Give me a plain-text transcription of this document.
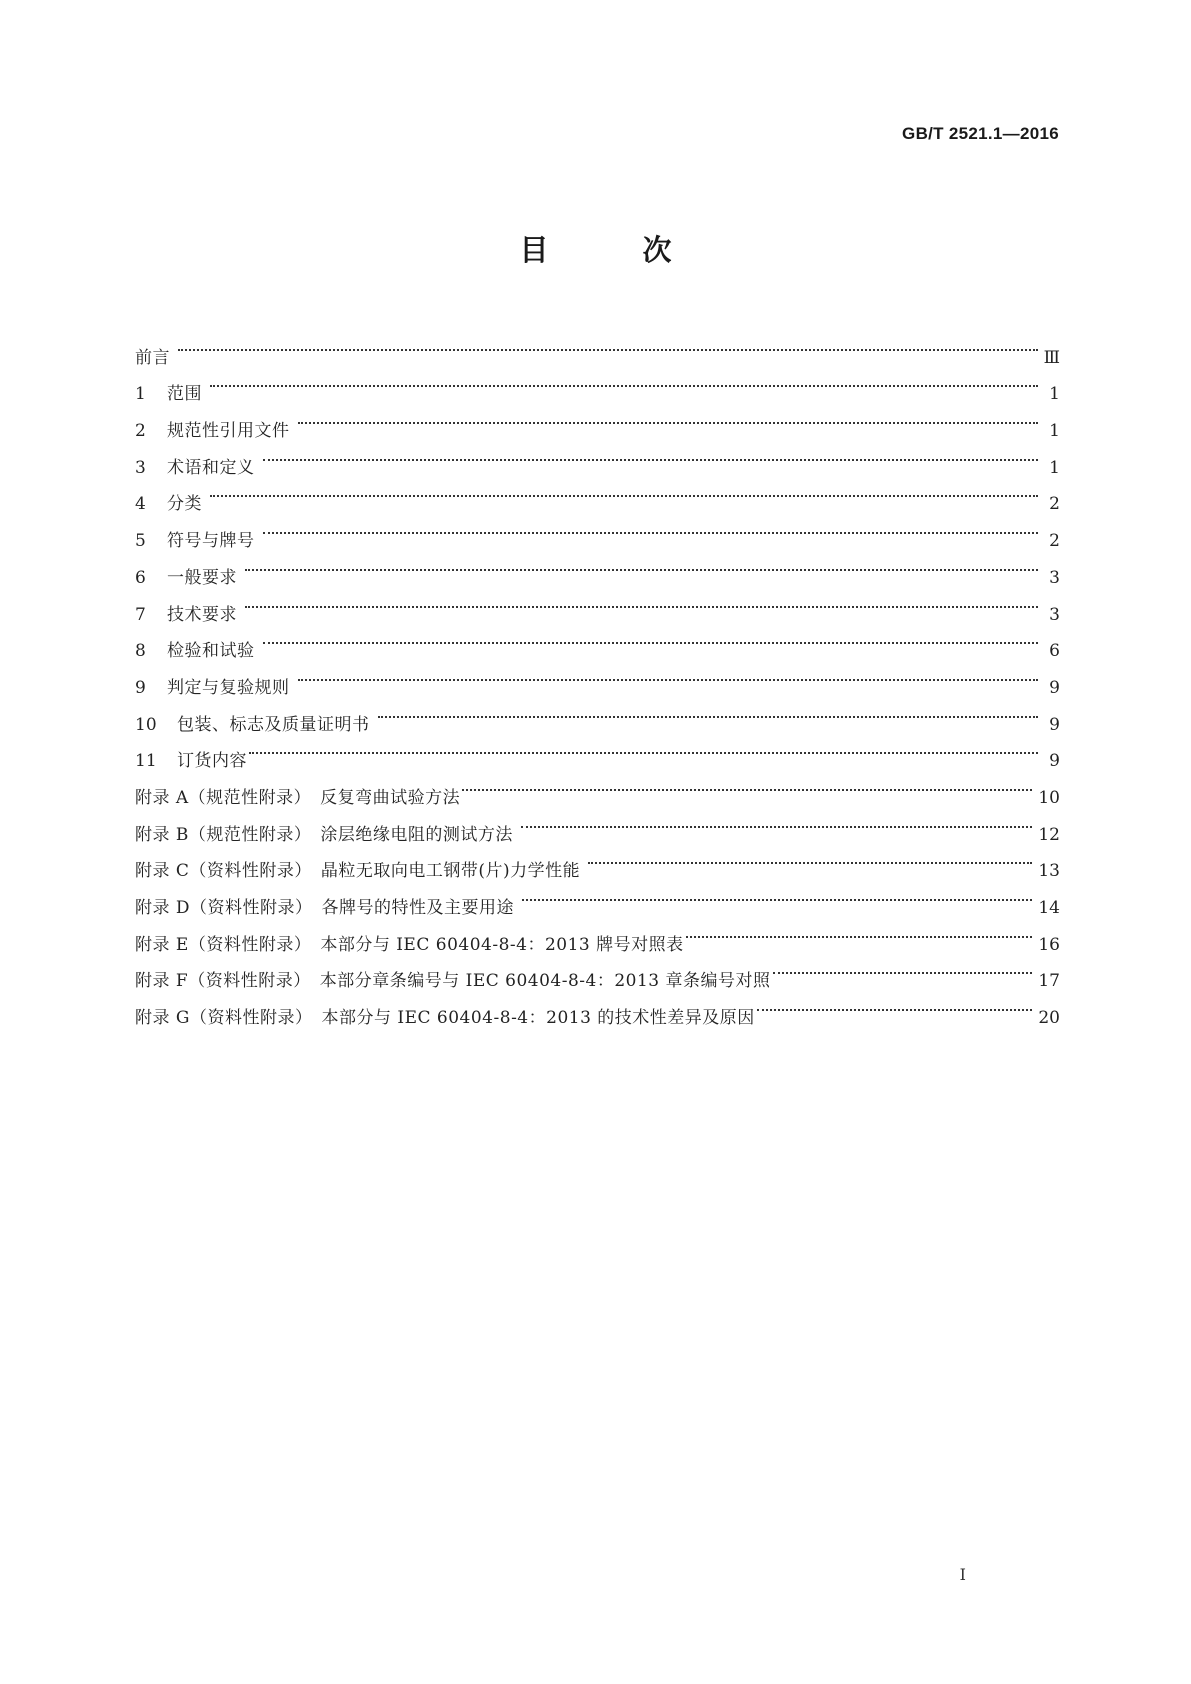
GB/T 2521.1—2016
目 次
前言	Ⅲ
1	范围	1
2	规范性引用文件	1
3	术语和定义	1
4	分类	2
5	符号与牌号	2
6	一般要求	3
7	技术要求	3
8	检验和试验	6
9	判定与复验规则	9
10	包装、标志及质量证明书	9
11	订货内容	9
附录 A（规范性附录）　反复弯曲试验方法	10
附录 B（规范性附录）　涂层绝缘电阻的测试方法	12
附录 C（资料性附录）　晶粒无取向电工钢带(片)力学性能	13
附录 D（资料性附录）　各牌号的特性及主要用途	14
附录 E（资料性附录）　本部分与 IEC 60404-8-4：2013 牌号对照表	16
附录 F（资料性附录）　本部分章条编号与 IEC 60404-8-4：2013 章条编号对照	17
附录 G（资料性附录）　本部分与 IEC 60404-8-4：2013 的技术性差异及原因	20
I
